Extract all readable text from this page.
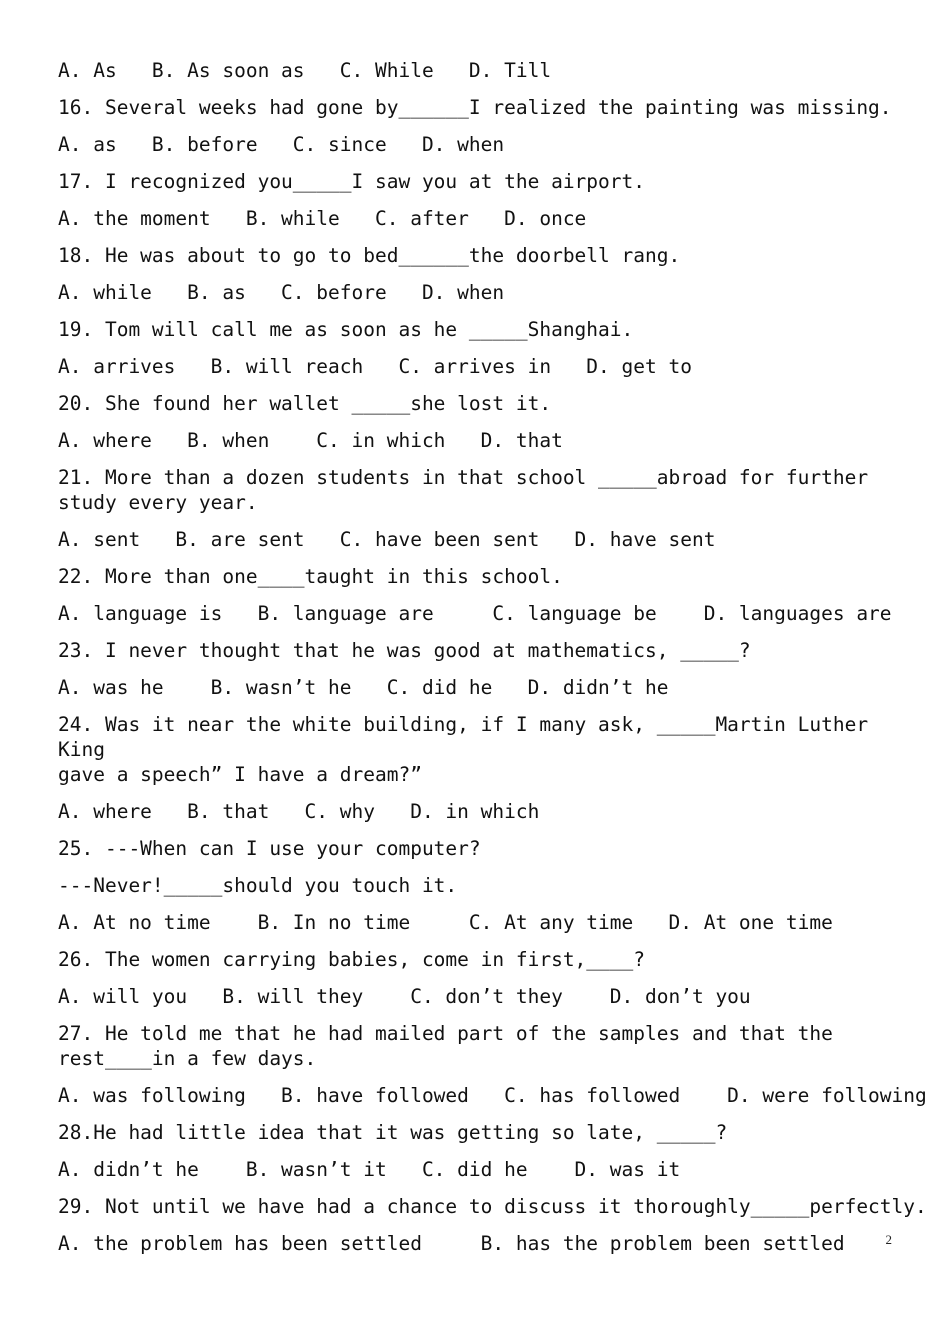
A. As   B. As soon as   C. While   D. Till
16. Several weeks had gone by______I realized the painting was missing.
A. as   B. before   C. since   D. when
17. I recognized you_____I saw you at the airport.
A. the moment   B. while   C. after   D. once
18. He was about to go to bed______the doorbell rang.
A. while   B. as   C. before   D. when
19. Tom will call me as soon as he _____Shanghai.
A. arrives   B. will reach   C. arrives in   D. get to
20. She found her wallet _____she lost it.
A. where   B. when    C. in which   D. that
21. More than a dozen students in that school _____abroad for further
study every year.
A. sent   B. are sent   C. have been sent   D. have sent
22. More than one____taught in this school.
A. language is   B. language are     C. language be    D. languages are
23. I never thought that he was good at mathematics, _____?
A. was he    B. wasn’t he   C. did he   D. didn’t he
24. Was it near the white building, if I many ask, _____Martin Luther King
gave a speech” I have a dream?”
A. where   B. that   C. why   D. in which
25. ---When can I use your computer?
---Never!_____should you touch it.
A. At no time    B. In no time     C. At any time   D. At one time
26. The women carrying babies, come in first,____?
A. will you   B. will they    C. don’t they    D. don’t you
27. He told me that he had mailed part of the samples and that the
rest____in a few days.
A. was following   B. have followed   C. has followed    D. were following
28.He had little idea that it was getting so late, _____?
A. didn’t he    B. wasn’t it   C. did he    D. was it
29. Not until we have had a chance to discuss it thoroughly_____perfectly.
A. the problem has been settled     B. has the problem been settled	2
